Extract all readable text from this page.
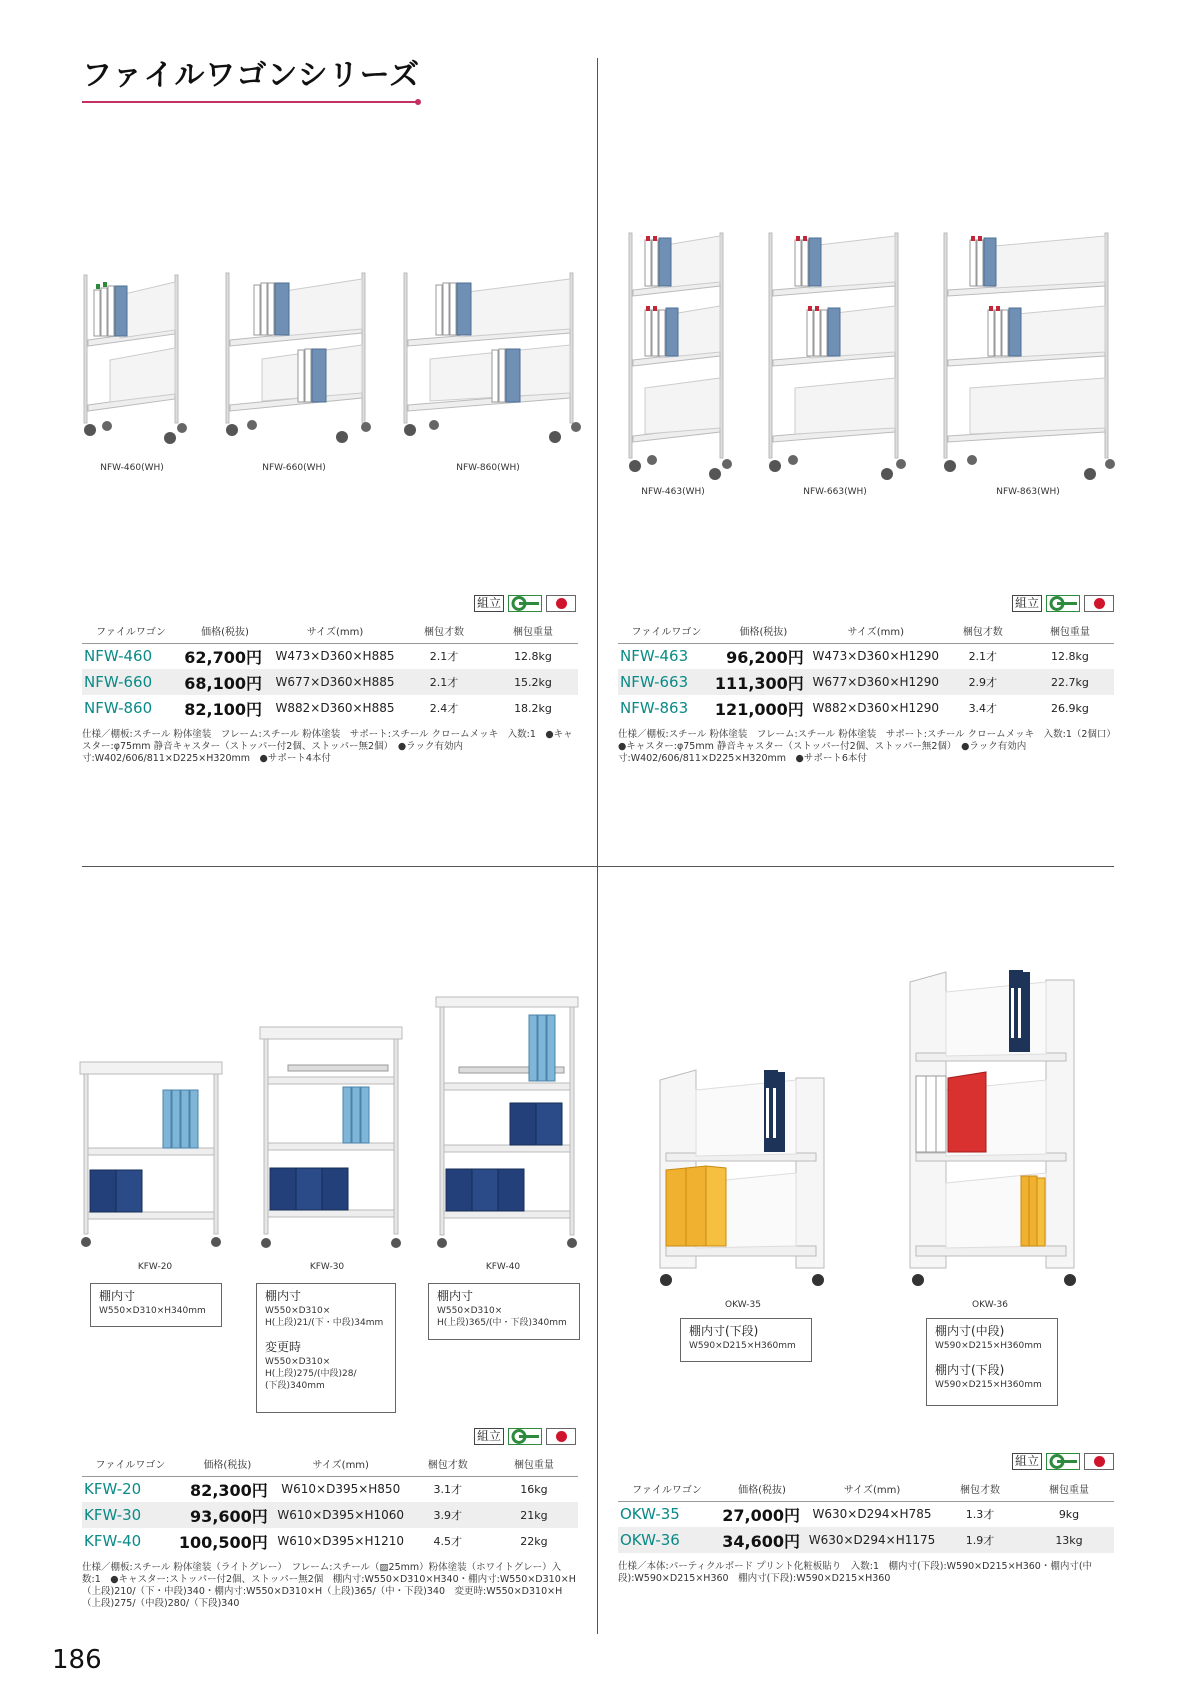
ファイルワゴンシリーズ
NFW-460(WH)	NFW-660(WH)	NFW-860(WH)
NFW-463(WH)	NFW-663(WH)	NFW-863(WH)
組立
ファイルワゴン	価格(税抜)	サイズ(mm)	梱包才数	梱包重量
NFW-460	62,700円	W473×D360×H885	2.1才	12.8kg
NFW-660	68,100円	W677×D360×H885	2.1才	15.2kg
NFW-860	82,100円	W882×D360×H885	2.4才	18.2kg
仕様／棚板:スチール 粉体塗装　フレーム:スチール 粉体塗装　サポート:スチール クロームメッキ　入数:1　●キャスター:φ75mm 静音キャスター（ストッパー付2個、ストッパー無2個）　●ラック有効内寸:W402/606/811×D225×H320mm　●サポート4本付
組立
ファイルワゴン	価格(税抜)	サイズ(mm)	梱包才数	梱包重量
NFW-463	96,200円	W473×D360×H1290	2.1才	12.8kg
NFW-663	111,300円	W677×D360×H1290	2.9才	22.7kg
NFW-863	121,000円	W882×D360×H1290	3.4才	26.9kg
仕様／棚板:スチール 粉体塗装　フレーム:スチール 粉体塗装　サポート:スチール クロームメッキ　入数:1（2個口）●キャスター:φ75mm 静音キャスター（ストッパー付2個、ストッパー無2個）　●ラック有効内寸:W402/606/811×D225×H320mm　●サポート6本付
KFW-20	KFW-30	KFW-40
棚内寸
W550×D310×H340mm
棚内寸
W550×D310×
H(上段)21/(下・中段)34mm
変更時
W550×D310×
H(上段)275/(中段)28/
(下段)340mm
棚内寸
W550×D310×
H(上段)365/(中・下段)340mm
組立
ファイルワゴン	価格(税抜)	サイズ(mm)	梱包才数	梱包重量
KFW-20	82,300円	W610×D395×H850	3.1才	16kg
KFW-30	93,600円	W610×D395×H1060	3.9才	21kg
KFW-40	100,500円	W610×D395×H1210	4.5才	22kg
仕様／棚板:スチール 粉体塗装（ライトグレー）　フレーム:スチール（▨25mm）粉体塗装（ホワイトグレー）入数:1　●キャスター:ストッパー付2個、ストッパー無2個　棚内寸:W550×D310×H340・棚内寸:W550×D310×H（上段)210/（下・中段)340・棚内寸:W550×D310×H（上段)365/（中・下段)340　変更時:W550×D310×H（上段)275/（中段)280/（下段)340
OKW-35	OKW-36
棚内寸(下段)
W590×D215×H360mm
棚内寸(中段)
W590×D215×H360mm
棚内寸(下段)
W590×D215×H360mm
組立
ファイルワゴン	価格(税抜)	サイズ(mm)	梱包才数	梱包重量
OKW-35	27,000円	W630×D294×H785	1.3才	9kg
OKW-36	34,600円	W630×D294×H1175	1.9才	13kg
仕様／本体:パーティクルボード プリント化粧板貼り　入数:1　棚内寸(下段):W590×D215×H360・棚内寸(中段):W590×D215×H360　棚内寸(下段):W590×D215×H360
186
